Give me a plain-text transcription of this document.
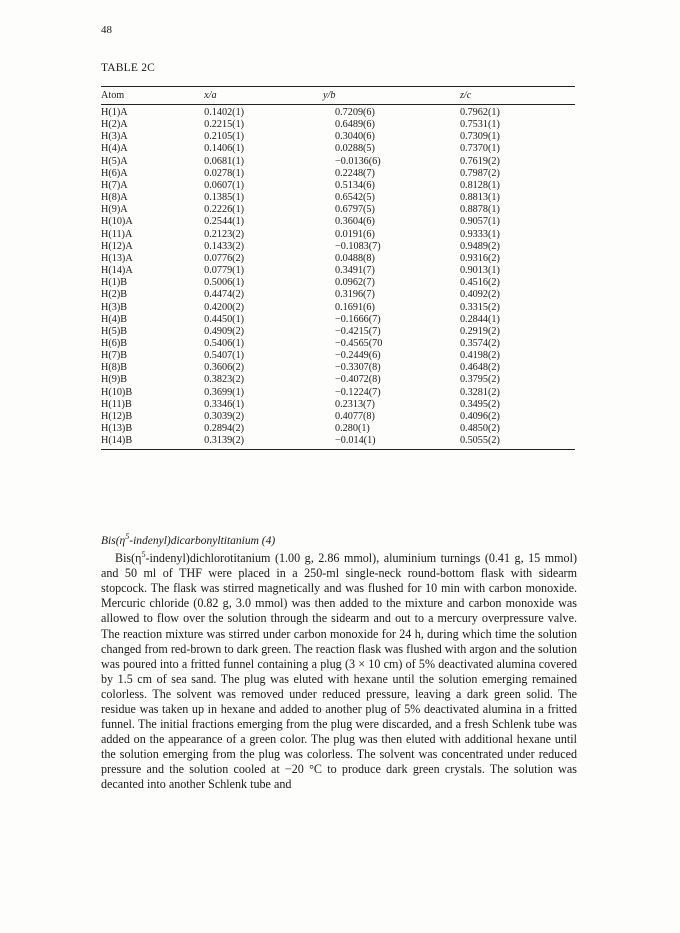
48
TABLE 2C
Atom	x/a	y/b	z/c
H(1)A	0.1402(1)	0.7209(6)	0.7962(1)
H(2)A	0.2215(1)	0.6489(6)	0.7531(1)
H(3)A	0.2105(1)	0.3040(6)	0.7309(1)
H(4)A	0.1406(1)	0.0288(5)	0.7370(1)
H(5)A	0.0681(1)	−0.0136(6)	0.7619(2)
H(6)A	0.0278(1)	0.2248(7)	0.7987(2)
H(7)A	0.0607(1)	0.5134(6)	0.8128(1)
H(8)A	0.1385(1)	0.6542(5)	0.8813(1)
H(9)A	0.2226(1)	0.6797(5)	0.8878(1)
H(10)A	0.2544(1)	0.3604(6)	0.9057(1)
H(11)A	0.2123(2)	0.0191(6)	0.9333(1)
H(12)A	0.1433(2)	−0.1083(7)	0.9489(2)
H(13)A	0.0776(2)	0.0488(8)	0.9316(2)
H(14)A	0.0779(1)	0.3491(7)	0.9013(1)
H(1)B	0.5006(1)	0.0962(7)	0.4516(2)
H(2)B	0.4474(2)	0.3196(7)	0.4092(2)
H(3)B	0.4200(2)	0.1691(6)	0.3315(2)
H(4)B	0.4450(1)	−0.1666(7)	0.2844(1)
H(5)B	0.4909(2)	−0.4215(7)	0.2919(2)
H(6)B	0.5406(1)	−0.4565(70	0.3574(2)
H(7)B	0.5407(1)	−0.2449(6)	0.4198(2)
H(8)B	0.3606(2)	−0.3307(8)	0.4648(2)
H(9)B	0.3823(2)	−0.4072(8)	0.3795(2)
H(10)B	0.3699(1)	−0.1224(7)	0.3281(2)
H(11)B	0.3346(1)	0.2313(7)	0.3495(2)
H(12)B	0.3039(2)	0.4077(8)	0.4096(2)
H(13)B	0.2894(2)	0.280(1)	0.4850(2)
H(14)B	0.3139(2)	−0.014(1)	0.5055(2)
$Bis(\eta^5-indenyl)dicarbonyltitanium$ (4)

$Bis(\eta^5-indenyl)dichlorotitanium$ (1.00 g, 2.86 mmol), aluminium turnings (0.41 g, 15 mmol) and 50 ml of THF were placed in a 250-ml single-neck round-bottom flask with sidearm stopcock. The flask was stirred magnetically and was flushed for 10 min with carbon monoxide. Mercuric chloride (0.82 g, 3.0 mmol) was then added to the mixture and carbon monoxide was allowed to flow over the solution through the sidearm and out to a mercury overpressure valve. The reaction mixture was stirred under carbon monoxide for 24 h, during which time the solution changed from red-brown to dark green. The reaction flask was flushed with argon and the solution was poured into a fritted funnel containing a plug (3 × 10 cm) of 5% deactivated alumina covered by 1.5 cm of sea sand. The plug was eluted with hexane until the solution emerging remained colorless. The solvent was removed under reduced pressure, leaving a dark green solid. The residue was taken up in hexane and added to another plug of 5% deactivated alumina in a fritted funnel. The initial fractions emerging from the plug were discarded, and a fresh Schlenk tube was added on the appearance of a green color. The plug was then eluted with additional hexane until the solution emerging from the plug was colorless. The solvent was concentrated under reduced pressure and the solution cooled at −20 °C to produce dark green crystals. The solution was decanted into another Schlenk tube and
